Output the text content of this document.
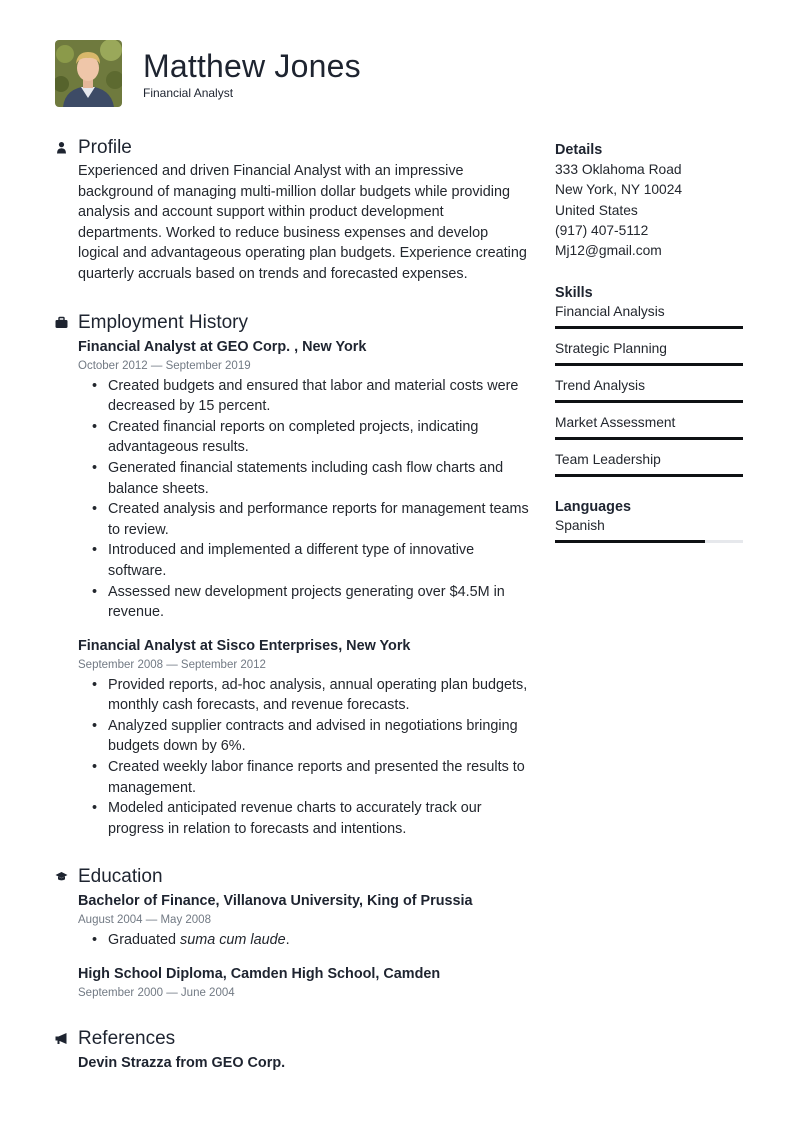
Matthew Jones
Financial Analyst
Profile

Experienced and driven Financial Analyst with an impressive background of managing multi-million dollar budgets while providing analysis and account support within product development departments. Worked to reduce business expenses and develop logical and advantageous operating plan budgets. Experience creating quarterly accruals based on trends and forecasted expenses.

Employment History
Financial Analyst at GEO Corp. , New York
October 2012 — September 2019
• Created budgets and ensured that labor and material costs were decreased by 15 percent.
• Created financial reports on completed projects, indicating advantageous results.
• Generated financial statements including cash flow charts and balance sheets.
• Created analysis and performance reports for management teams to review.
• Introduced and implemented a different type of innovative software.
• Assessed new development projects generating over $4.5M in revenue.
Financial Analyst at Sisco Enterprises, New York
September 2008 — September 2012
• Provided reports, ad-hoc analysis, annual operating plan budgets, monthly cash forecasts, and revenue forecasts.
• Analyzed supplier contracts and advised in negotiations bringing budgets down by 6%.
• Created weekly labor finance reports and presented the results to management.
• Modeled anticipated revenue charts to accurately track our progress in relation to forecasts and intentions.
Education
Bachelor of Finance, Villanova University, King of Prussia
August 2004 — May 2008
• Graduated suma cum laude.
High School Diploma, Camden High School, Camden
September 2000 — June 2004
References
Devin Strazza from GEO Corp.
Details
333 Oklahoma Road
New York, NY 10024
United States
(917) 407-5112
Mj12@gmail.com
Skills
Financial Analysis
Strategic Planning
Trend Analysis
Market Assessment
Team Leadership
Languages
Spanish
